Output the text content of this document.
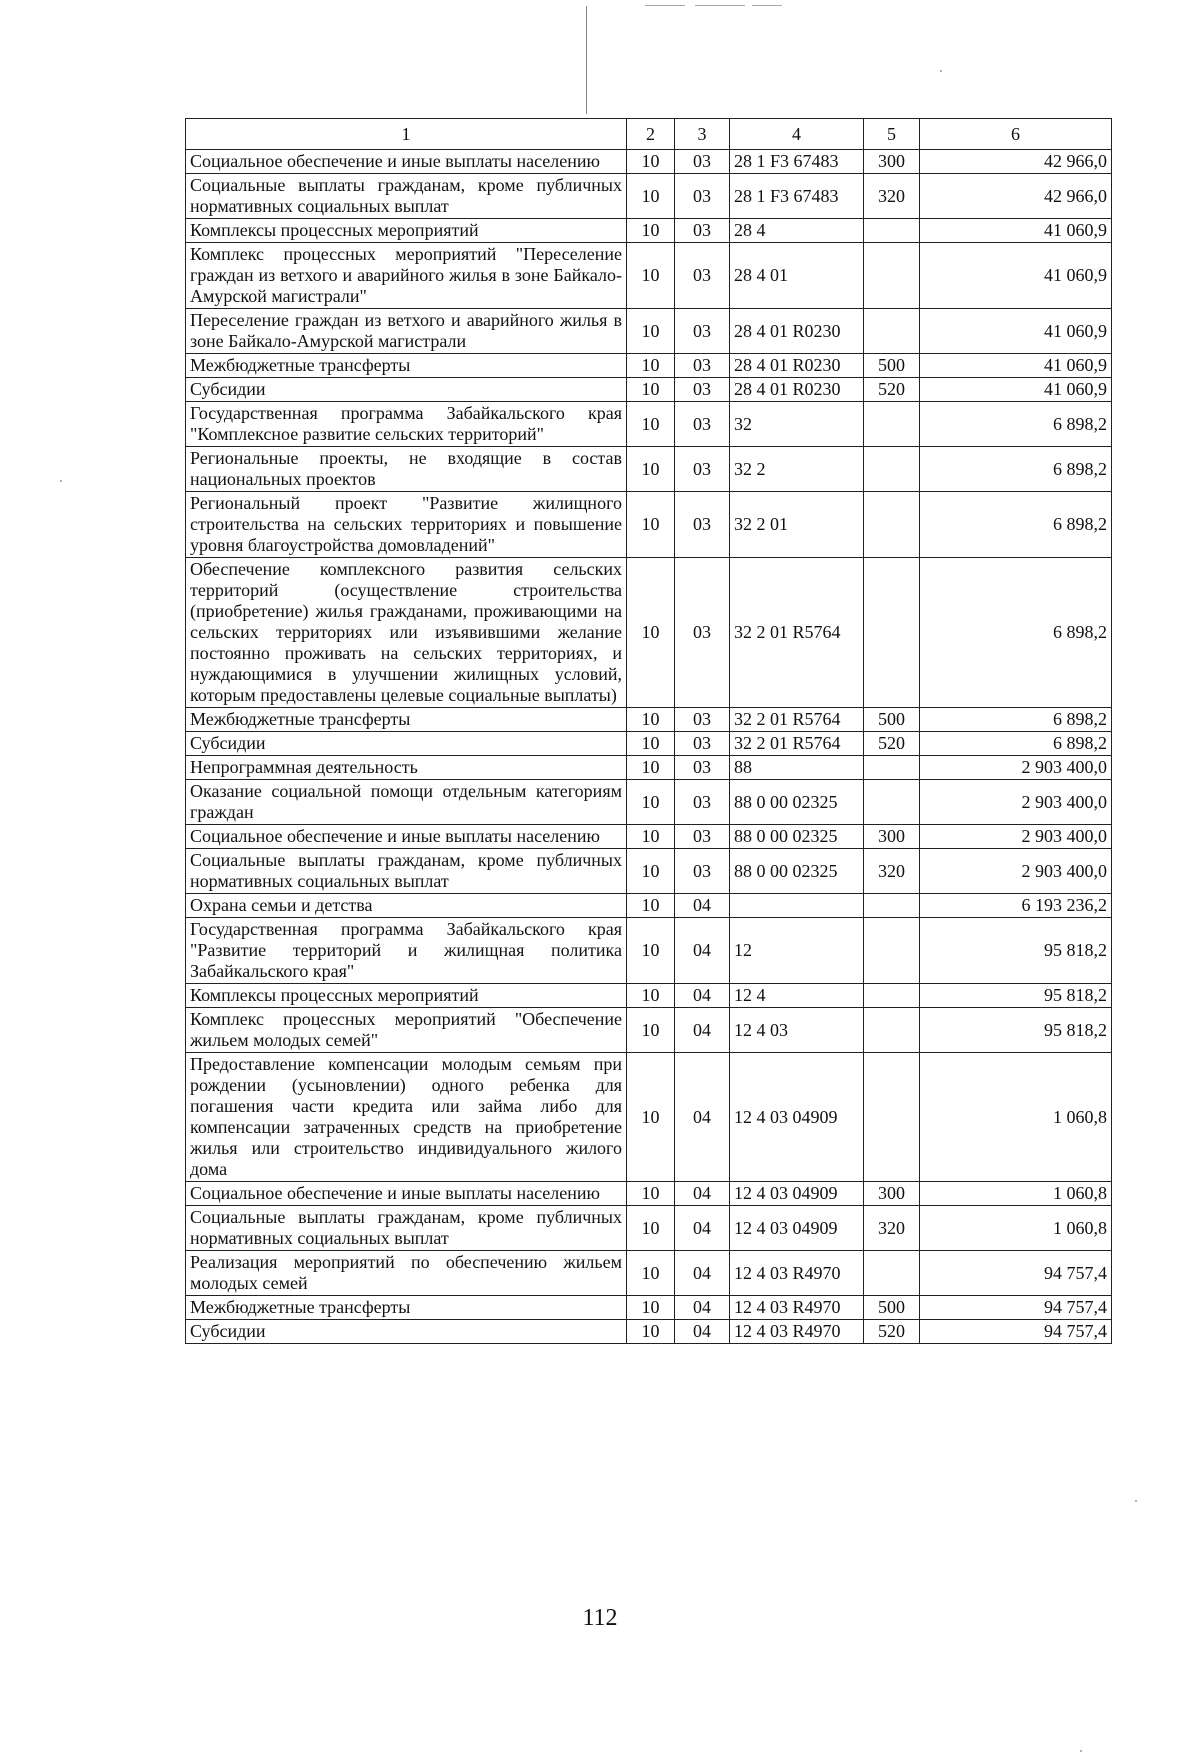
1	2	3	4	5	6
Социальное обеспечение и иные выплаты населению	10	03	28 1 F3 67483	300	42 966,0
Социальные выплаты гражданам, кроме публичных нормативных социальных выплат	10	03	28 1 F3 67483	320	42 966,0
Комплексы процессных мероприятий	10	03	28 4		41 060,9
Комплекс процессных мероприятий "Переселение граждан из ветхого и аварийного жилья в зоне Байкало-Амурской магистрали"	10	03	28 4 01		41 060,9
Переселение граждан из ветхого и аварийного жилья в зоне Байкало-Амурской магистрали	10	03	28 4 01 R0230		41 060,9
Межбюджетные трансферты	10	03	28 4 01 R0230	500	41 060,9
Субсидии	10	03	28 4 01 R0230	520	41 060,9
Государственная программа Забайкальского края "Комплексное развитие сельских территорий"	10	03	32		6 898,2
Региональные проекты, не входящие в состав национальных проектов	10	03	32 2		6 898,2
Региональный проект "Развитие жилищного строительства на сельских территориях и повышение уровня благоустройства домовладений"	10	03	32 2 01		6 898,2
Обеспечение комплексного развития сельских территорий (осуществление строительства (приобретение) жилья гражданами, проживающими на сельских территориях или изъявившими желание постоянно проживать на сельских территориях, и нуждающимися в улучшении жилищных условий, которым предоставлены целевые социальные выплаты)	10	03	32 2 01 R5764		6 898,2
Межбюджетные трансферты	10	03	32 2 01 R5764	500	6 898,2
Субсидии	10	03	32 2 01 R5764	520	6 898,2
Непрограммная деятельность	10	03	88		2 903 400,0
Оказание социальной помощи отдельным категориям граждан	10	03	88 0 00 02325		2 903 400,0
Социальное обеспечение и иные выплаты населению	10	03	88 0 00 02325	300	2 903 400,0
Социальные выплаты гражданам, кроме публичных нормативных социальных выплат	10	03	88 0 00 02325	320	2 903 400,0
Охрана семьи и детства	10	04			6 193 236,2
Государственная программа Забайкальского края "Развитие территорий и жилищная политика Забайкальского края"	10	04	12		95 818,2
Комплексы процессных мероприятий	10	04	12 4		95 818,2
Комплекс процессных мероприятий "Обеспечение жильем молодых семей"	10	04	12 4 03		95 818,2
Предоставление компенсации молодым семьям при рождении (усыновлении) одного ребенка для погашения части кредита или займа либо для компенсации затраченных средств на приобретение жилья или строительство индивидуального жилого дома	10	04	12 4 03 04909		1 060,8
Социальное обеспечение и иные выплаты населению	10	04	12 4 03 04909	300	1 060,8
Социальные выплаты гражданам, кроме публичных нормативных социальных выплат	10	04	12 4 03 04909	320	1 060,8
Реализация мероприятий по обеспечению жильем молодых семей	10	04	12 4 03 R4970		94 757,4
Межбюджетные трансферты	10	04	12 4 03 R4970	500	94 757,4
Субсидии	10	04	12 4 03 R4970	520	94 757,4
112
